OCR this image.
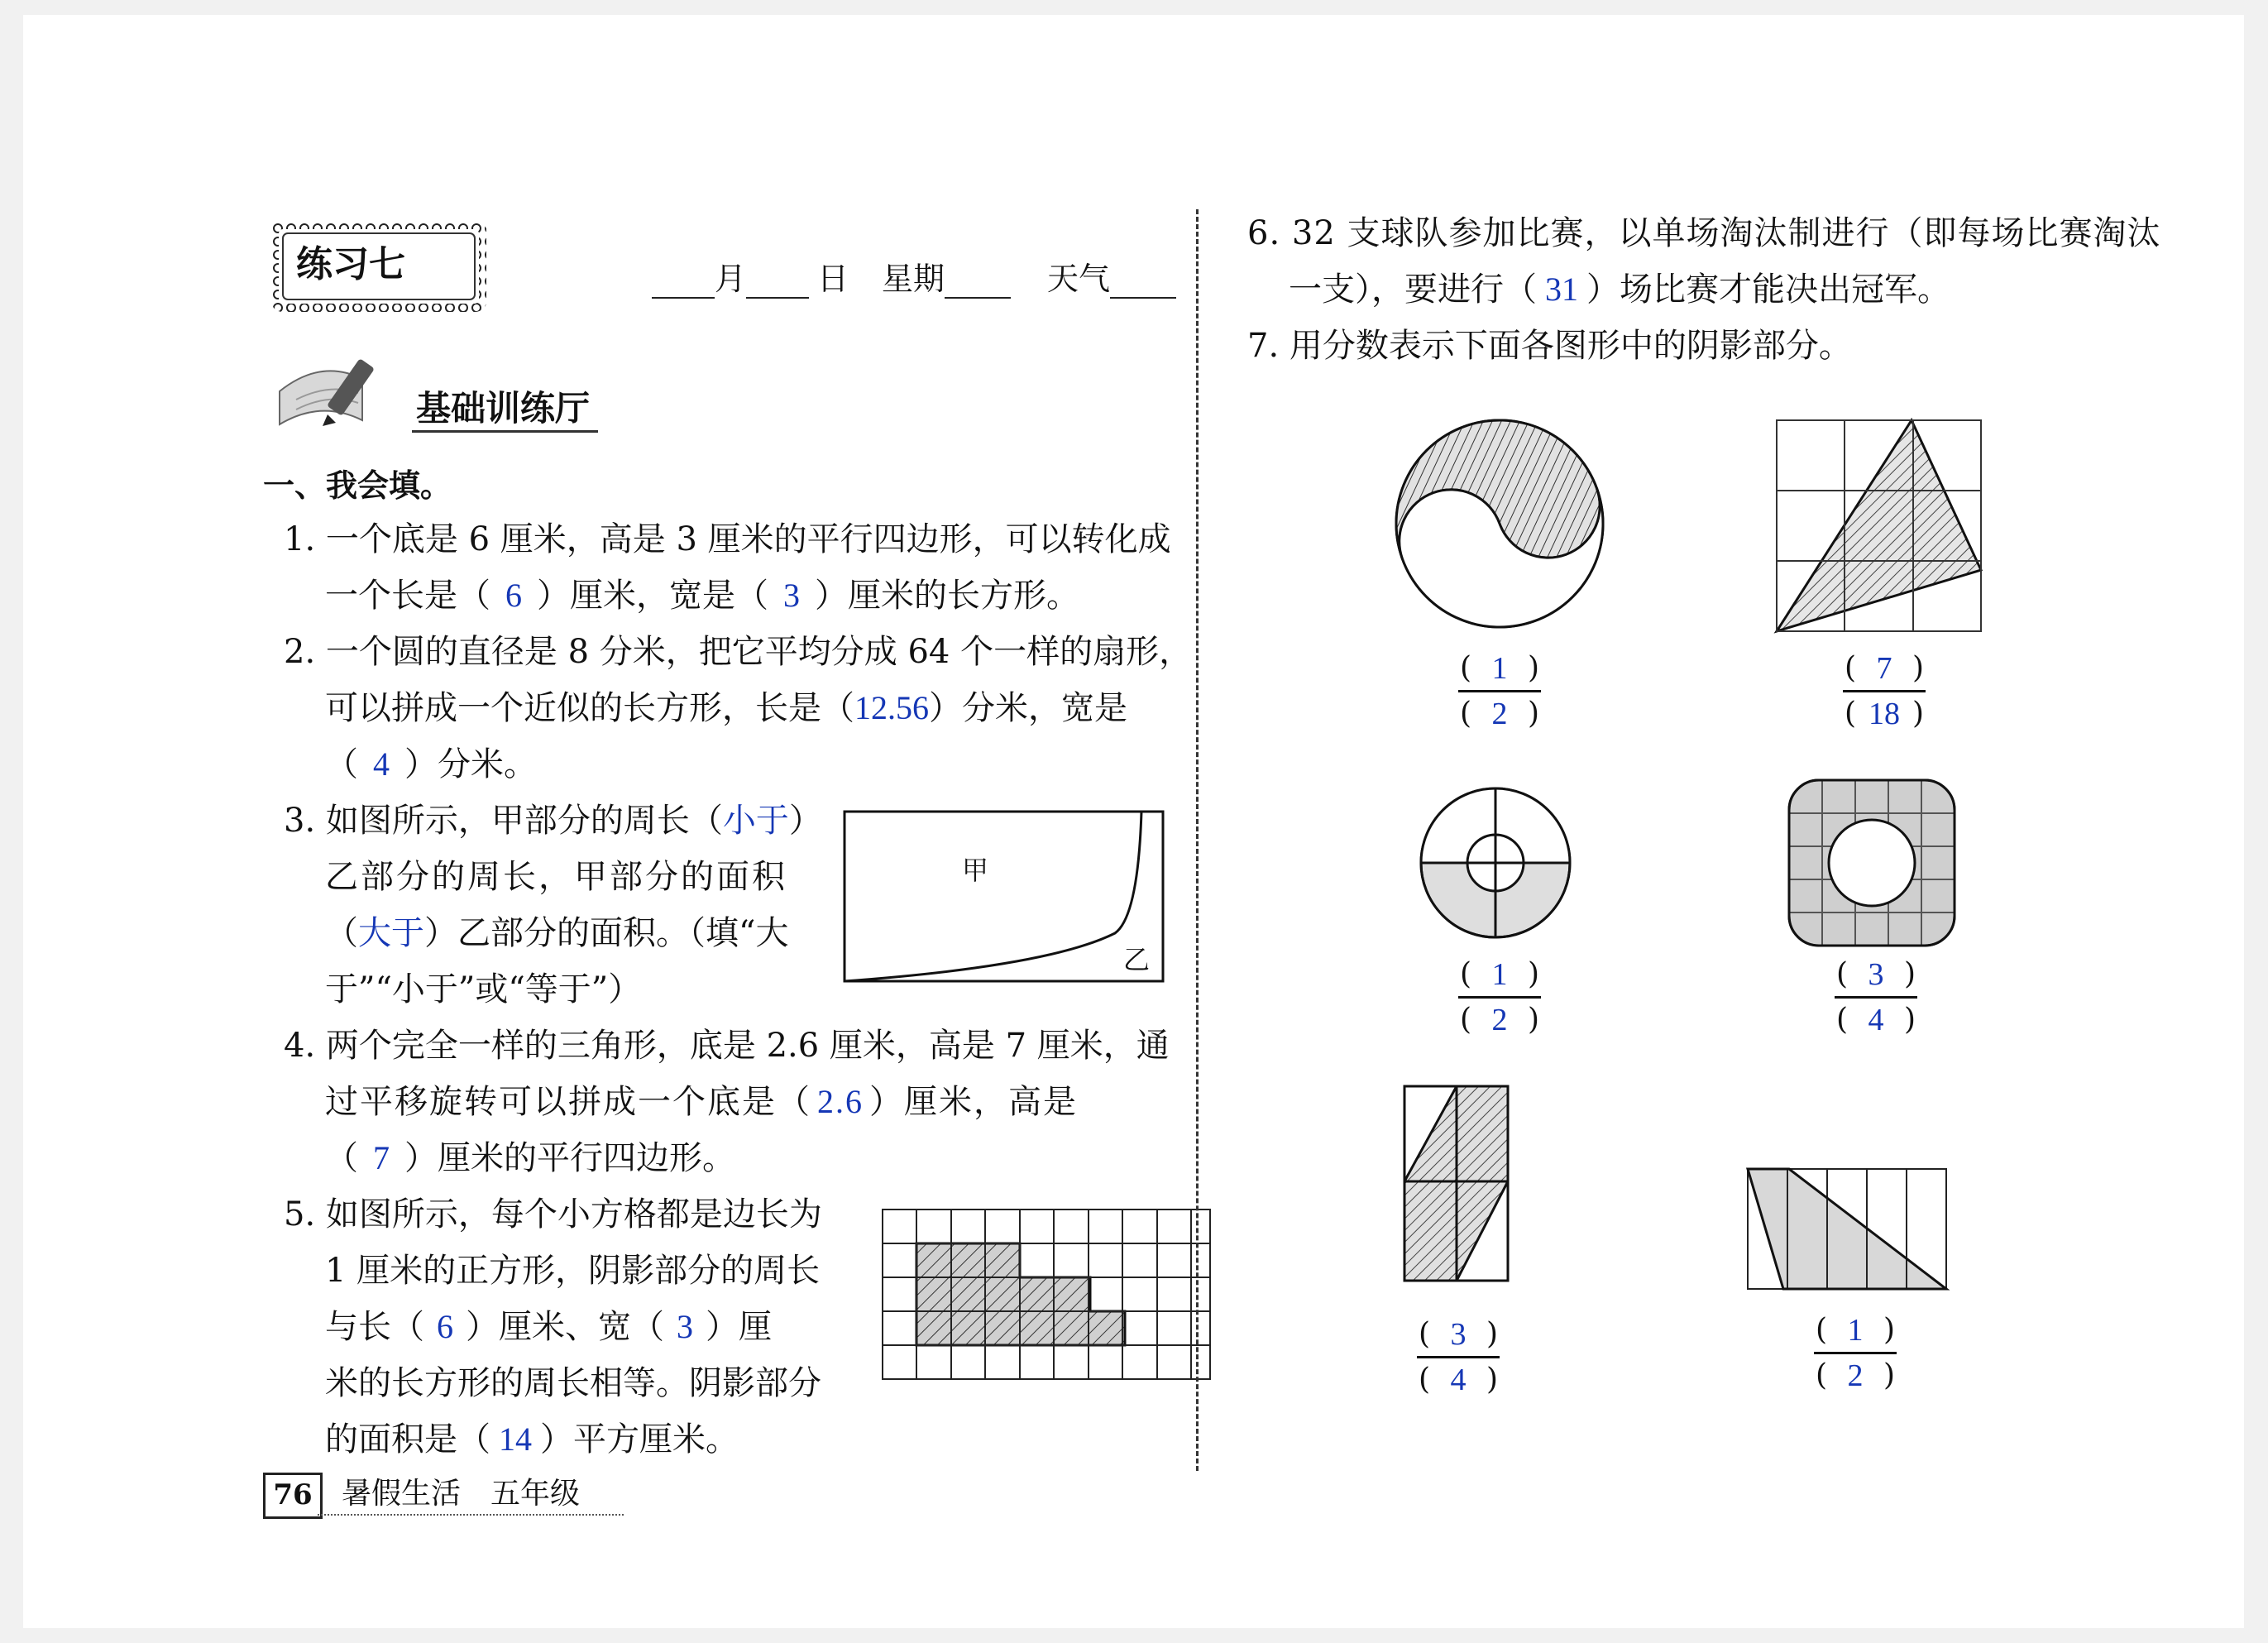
练习七	月 日 星期	天气
基础训练厅
一、我会填。
1. 一个底是 6 厘米，高是 3 厘米的平行四边形，可以转化成
一个长是（ 6 ）厘米，宽是（ 3 ）厘米的长方形。
2. 一个圆的直径是 8 分米，把它平均分成 64 个一样的扇形，
可以拼成一个近似的长方形，长是（12.56）分米，宽是
（ 4 ）分米。
3. 如图所示，甲部分的周长（小于）
乙部分的周长，甲部分的面积
（大于）乙部分的面积。（填“大
于”“小于”或“等于”）
甲
乙
4. 两个完全一样的三角形，底是 2.6 厘米，高是 7 厘米，通
过平移旋转可以拼成一个底是（ 2.6 ）厘米，高是
（ 7 ）厘米的平行四边形。
5. 如图所示，每个小方格都是边长为
1 厘米的正方形，阴影部分的周长
与长（ 6 ）厘米、宽（ 3 ）厘
米的长方形的周长相等。阴影部分
的面积是（ 14 ）平方厘米。
76 暑假生活 五年级
6. 32 支球队参加比赛，以单场淘汰制进行（即每场比赛淘汰
一支），要进行（ 31 ）场比赛才能决出冠军。
7. 用分数表示下面各图形中的阴影部分。
( 1 )
( 2 )
( 7 )
( 18 )
( 1 )
( 2 )
( 3 )
( 4 )
( 3 )
( 4 )
( 1 )
( 2 )
